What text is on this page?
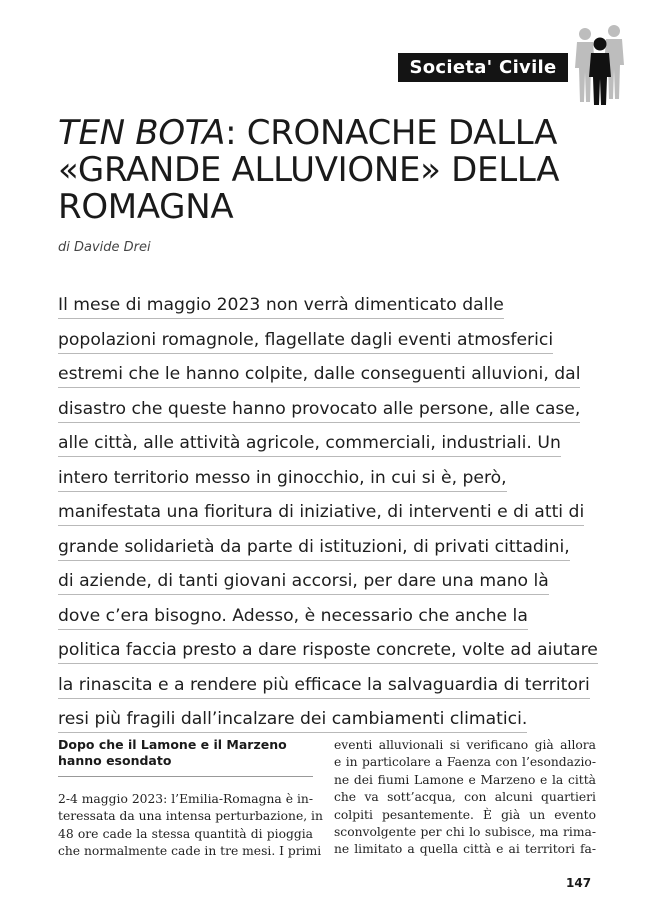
Societa' Civile
TEN BOTA: CRONACHE DALLA
«GRANDE ALLUVIONE» DELLA
ROMAGNA
di Davide Drei

Il mese di maggio 2023 non verrà dimenticato dalle
popolazioni romagnole, flagellate dagli eventi atmosferici
estremi che le hanno colpite, dalle conseguenti alluvioni, dal
disastro che queste hanno provocato alle persone, alle case,
alle città, alle attività agricole, commerciali, industriali. Un
intero territorio messo in ginocchio, in cui si è, però,
manifestata una fioritura di iniziative, di interventi e di atti di
grande solidarietà da parte di istituzioni, di privati cittadini,
di aziende, di tanti giovani accorsi, per dare una mano là
dove c’era bisogno. Adesso, è necessario che anche la
politica faccia presto a dare risposte concrete, volte ad aiutare
la rinascita e a rendere più efficace la salvaguardia di territori
resi più fragili dall’incalzare dei cambiamenti climatici.

Dopo che il Lamone e il Marzeno
hanno esondato

2-4 maggio 2023: l’Emilia-Romagna è in-
teressata da una intensa perturbazione, in
48 ore cade la stessa quantità di pioggia
che normalmente cade in tre mesi. I primi

eventi alluvionali si verificano già allora
e in particolare a Faenza con l’esondazio-
ne dei fiumi Lamone e Marzeno e la città
che va sott’acqua, con alcuni quartieri
colpiti pesantemente. È già un evento
sconvolgente per chi lo subisce, ma rima-
ne limitato a quella città e ai territori fa-

147
